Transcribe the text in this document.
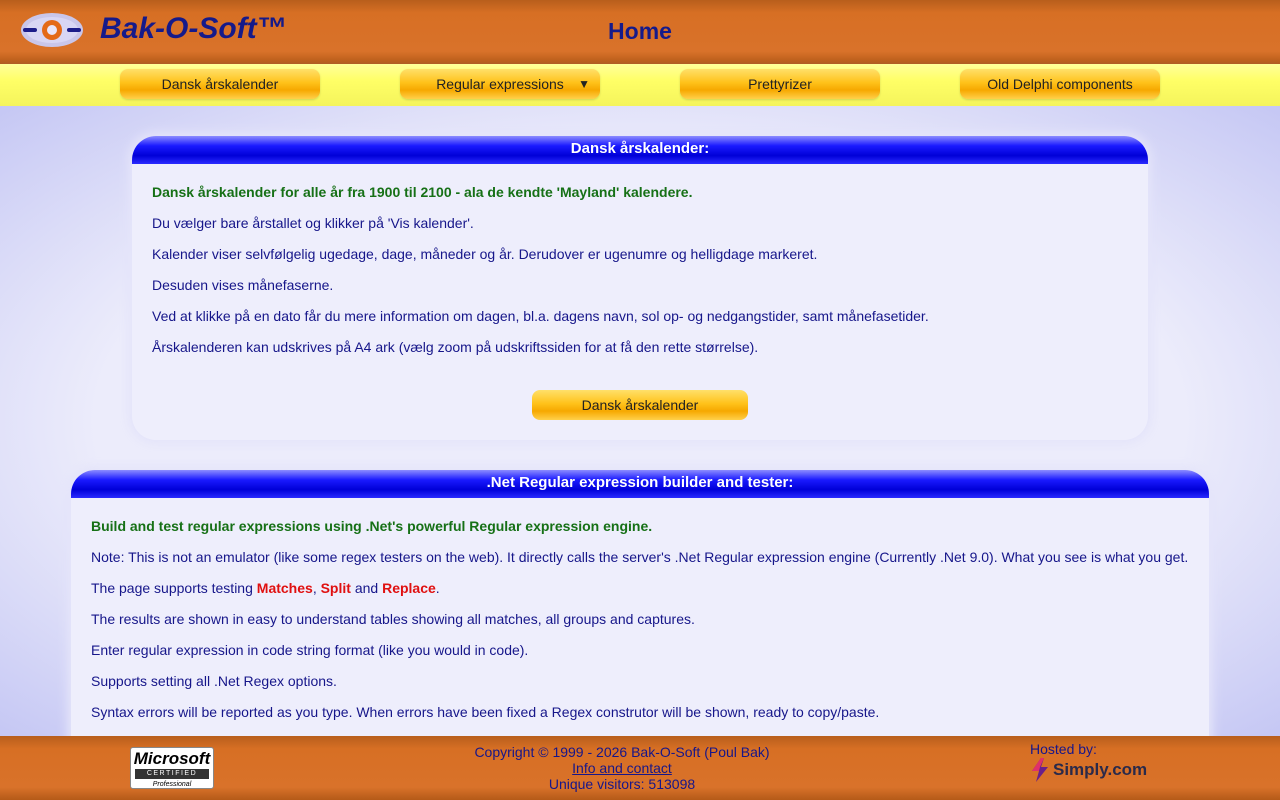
Bak-O-Soft™	Home
Dansk årskalender	Regular expressions ▼	Prettyrizer	Old Delphi components
Dansk årskalender:
Dansk årskalender for alle år fra 1900 til 2100 - ala de kendte 'Mayland' kalendere.
Du vælger bare årstallet og klikker på 'Vis kalender'.
Kalender viser selvfølgelig ugedage, dage, måneder og år. Derudover er ugenumre og helligdage markeret.
Desuden vises månefaserne.
Ved at klikke på en dato får du mere information om dagen, bl.a. dagens navn, sol op- og nedgangstider, samt månefasetider.
Årskalenderen kan udskrives på A4 ark (vælg zoom på udskriftssiden for at få den rette størrelse).
Dansk årskalender
.Net Regular expression builder and tester:
Build and test regular expressions using .Net's powerful Regular expression engine.
Note: This is not an emulator (like some regex testers on the web). It directly calls the server's .Net Regular expression engine (Currently .Net 9.0). What you see is what you get.
The page supports testing Matches, Split and Replace.
The results are shown in easy to understand tables showing all matches, all groups and captures.
Enter regular expression in code string format (like you would in code).
Supports setting all .Net Regex options.
Syntax errors will be reported as you type. When errors have been fixed a Regex construtor will be shown, ready to copy/paste.
Microsoft
CERTIFIED
Professional
Copyright © 1999 - 2026 Bak-O-Soft (Poul Bak)
Info and contact
Unique visitors: 513098
Hosted by:
Simply.com
